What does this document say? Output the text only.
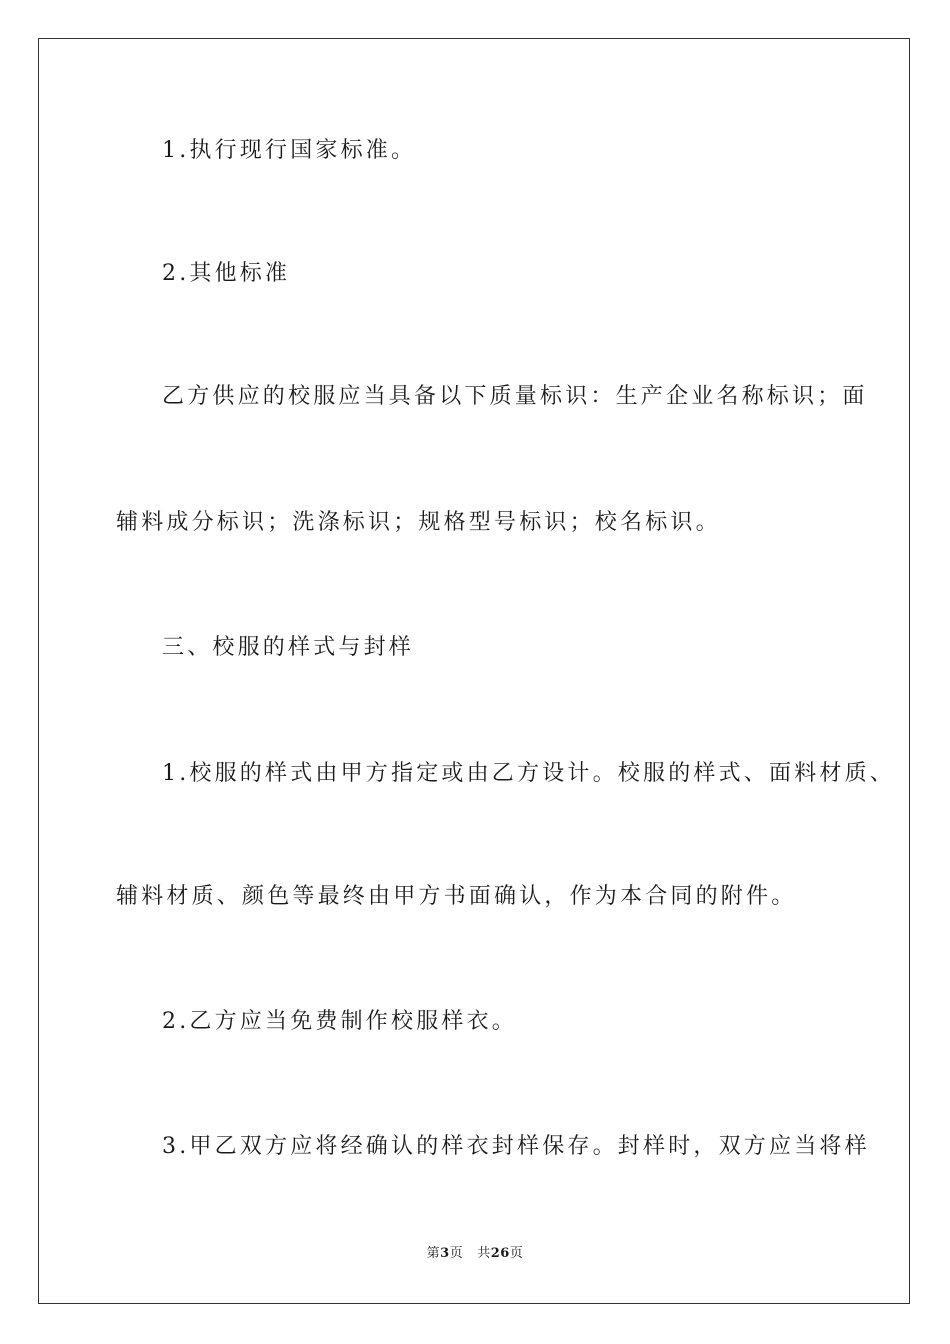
1.执行现行国家标准。
2.其他标准
乙方供应的校服应当具备以下质量标识：生产企业名称标识；面
辅料成分标识；洗涤标识；规格型号标识；校名标识。
三、校服的样式与封样
1.校服的样式由甲方指定或由乙方设计。校服的样式、面料材质、
辅料材质、颜色等最终由甲方书面确认，作为本合同的附件。
2.乙方应当免费制作校服样衣。
3.甲乙双方应将经确认的样衣封样保存。封样时，双方应当将样
第3页 共26页
